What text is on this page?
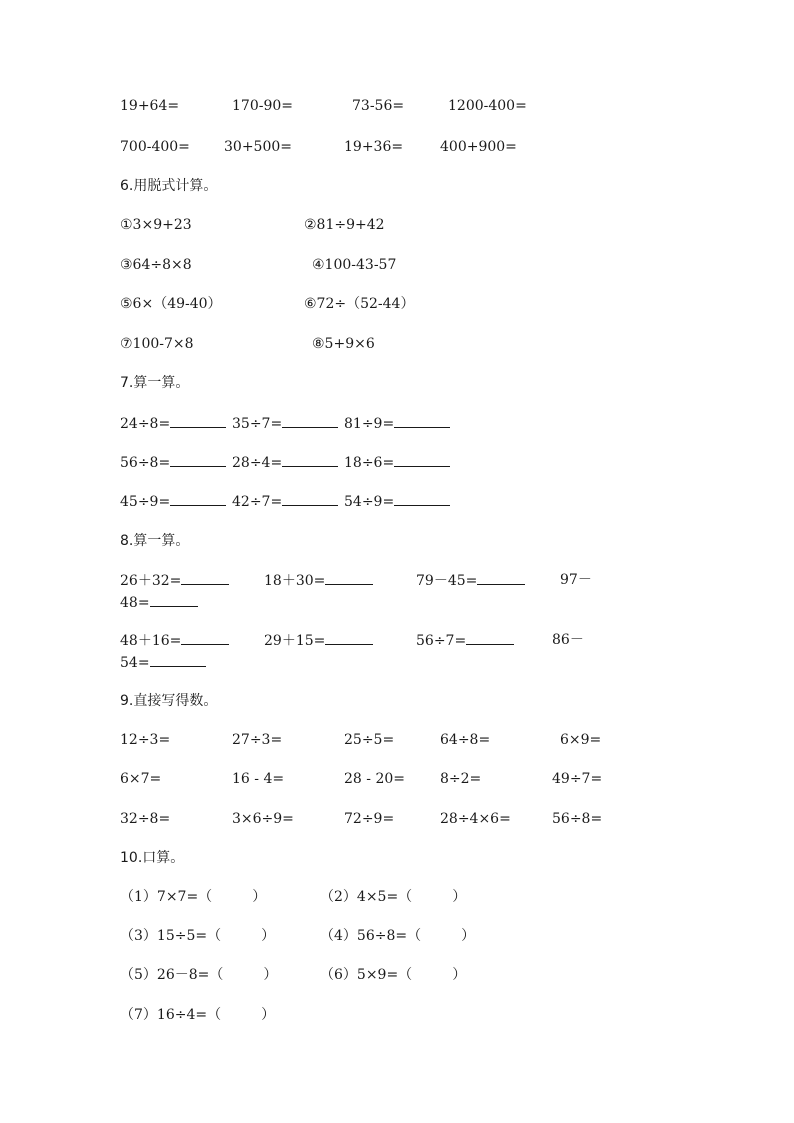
19+64=	170-90=	73-56=	1200-400=
700-400= 30+500=	19+36=	400+900=
6.用脱式计算。
①3×9+23	②81÷9+42
③64÷8×8	④100-43-57
⑤6×（49-40）	⑥72÷（52-44）
⑦100-7×8	⑧5+9×6
7.算一算。
24÷8=	35÷7=	81÷9=
56÷8=	28÷4=	18÷6=
45÷9=	42÷7=	54÷9=
8.算一算。
26＋32=	18＋30=	79－45=	97－
48=
48＋16=	29＋15=	56÷7=	86－
54=
9.直接写得数。
12÷3=	27÷3=	25÷5=	64÷8=	6×9=
6×7=	16 - 4=	28 - 20=	8÷2=	49÷7=
32÷8=	3×6÷9=	72÷9=	28÷4×6=	56÷8=
10.口算。
（1）7×7=（	）	（2）4×5=（	）
（3）15÷5=（	）	（4）56÷8=（	）
（5）26－8=（	）	（6）5×9=（	）
（7）16÷4=（	）
